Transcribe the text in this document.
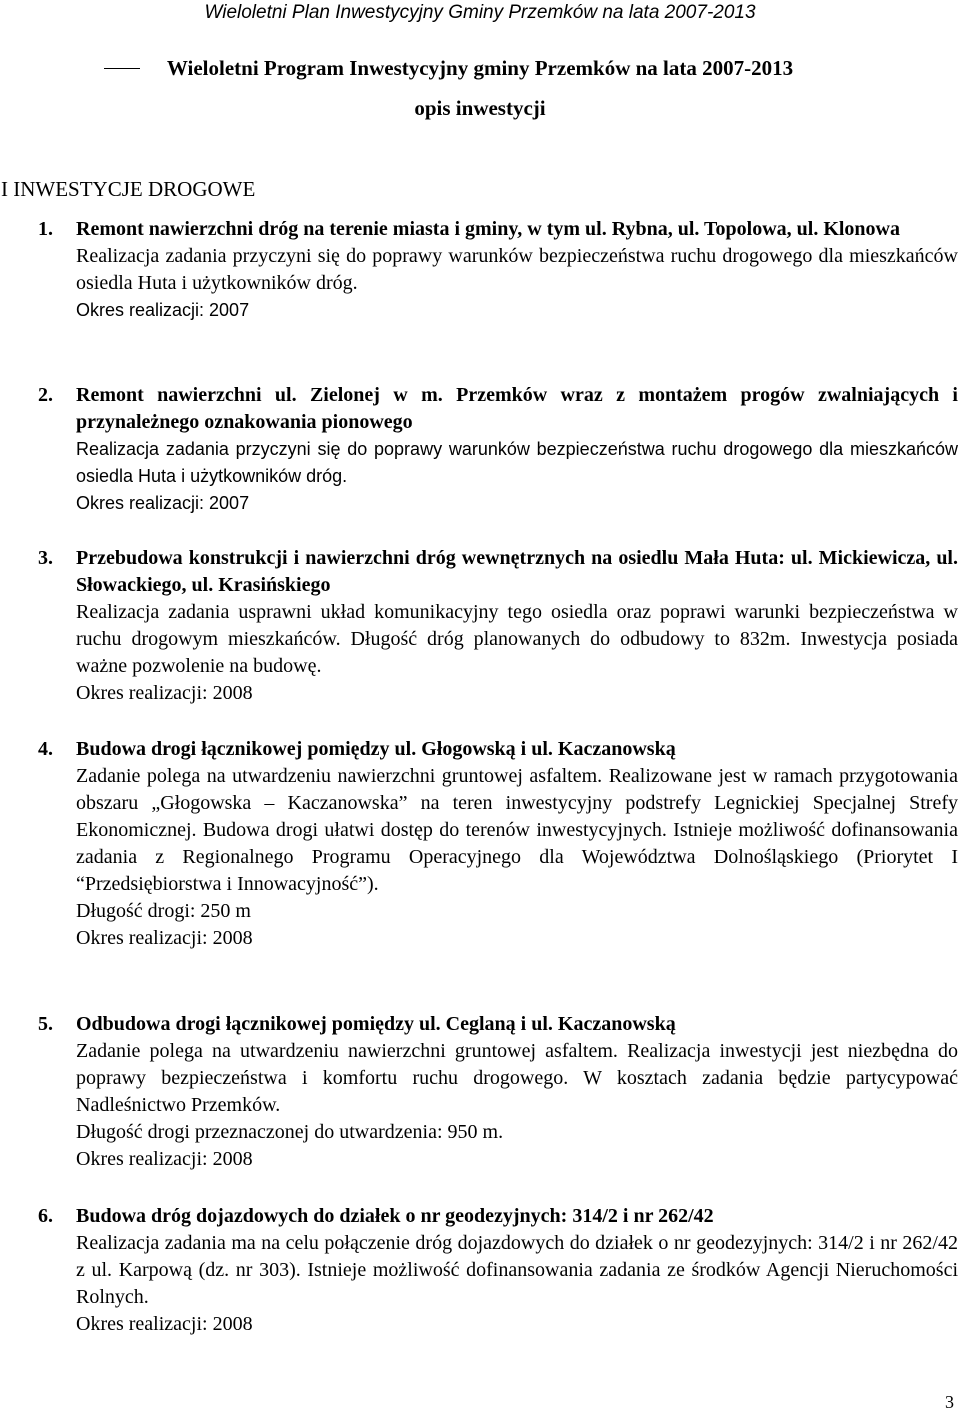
Wieloletni Plan Inwestycyjny Gminy Przemków na lata 2007-2013
Wieloletni Program Inwestycyjny gminy Przemków na lata 2007-2013
opis inwestycji
I INWESTYCJE DROGOWE
1. Remont nawierzchni dróg na terenie miasta i gminy, w tym ul. Rybna, ul. Topolowa, ul. Klonowa
Realizacja zadania przyczyni się do poprawy warunków bezpieczeństwa ruchu drogowego dla mieszkańców osiedla Huta i użytkowników dróg.
Okres realizacji: 2007
2. Remont nawierzchni ul. Zielonej w m. Przemków wraz z montażem progów zwalniających i przynależnego oznakowania pionowego
Realizacja zadania przyczyni się do poprawy warunków bezpieczeństwa ruchu drogowego dla mieszkańców osiedla Huta i użytkowników dróg.
Okres realizacji: 2007
3. Przebudowa konstrukcji i nawierzchni dróg wewnętrznych na osiedlu Mała Huta: ul. Mickiewicza, ul. Słowackiego, ul. Krasińskiego
Realizacja zadania usprawni układ komunikacyjny tego osiedla oraz poprawi warunki bezpieczeństwa w ruchu drogowym mieszkańców. Długość dróg planowanych do odbudowy to 832m. Inwestycja posiada ważne pozwolenie na budowę.
Okres realizacji: 2008
4. Budowa drogi łącznikowej pomiędzy ul. Głogowską i ul. Kaczanowską
Zadanie polega na utwardzeniu nawierzchni gruntowej asfaltem. Realizowane jest w ramach przygotowania obszaru „Głogowska – Kaczanowska” na teren inwestycyjny podstrefy Legnickiej Specjalnej Strefy Ekonomicznej. Budowa drogi ułatwi dostęp do terenów inwestycyjnych. Istnieje możliwość dofinansowania zadania z Regionalnego Programu Operacyjnego dla Województwa Dolnośląskiego (Priorytet I “Przedsiębiorstwa i Innowacyjność”).
Długość drogi: 250 m
Okres realizacji: 2008
5. Odbudowa drogi łącznikowej pomiędzy ul. Ceglaną i ul. Kaczanowską
Zadanie polega na utwardzeniu nawierzchni gruntowej asfaltem. Realizacja inwestycji jest niezbędna do poprawy bezpieczeństwa i komfortu ruchu drogowego. W kosztach zadania będzie partycypować Nadleśnictwo Przemków.
Długość drogi przeznaczonej do utwardzenia: 950 m.
Okres realizacji: 2008
6. Budowa dróg dojazdowych do działek o nr geodezyjnych: 314/2 i nr 262/42
Realizacja zadania ma na celu połączenie dróg dojazdowych do działek o nr geodezyjnych: 314/2 i nr 262/42 z ul. Karpową (dz. nr 303). Istnieje możliwość dofinansowania zadania ze środków Agencji Nieruchomości Rolnych.
Okres realizacji: 2008
3
